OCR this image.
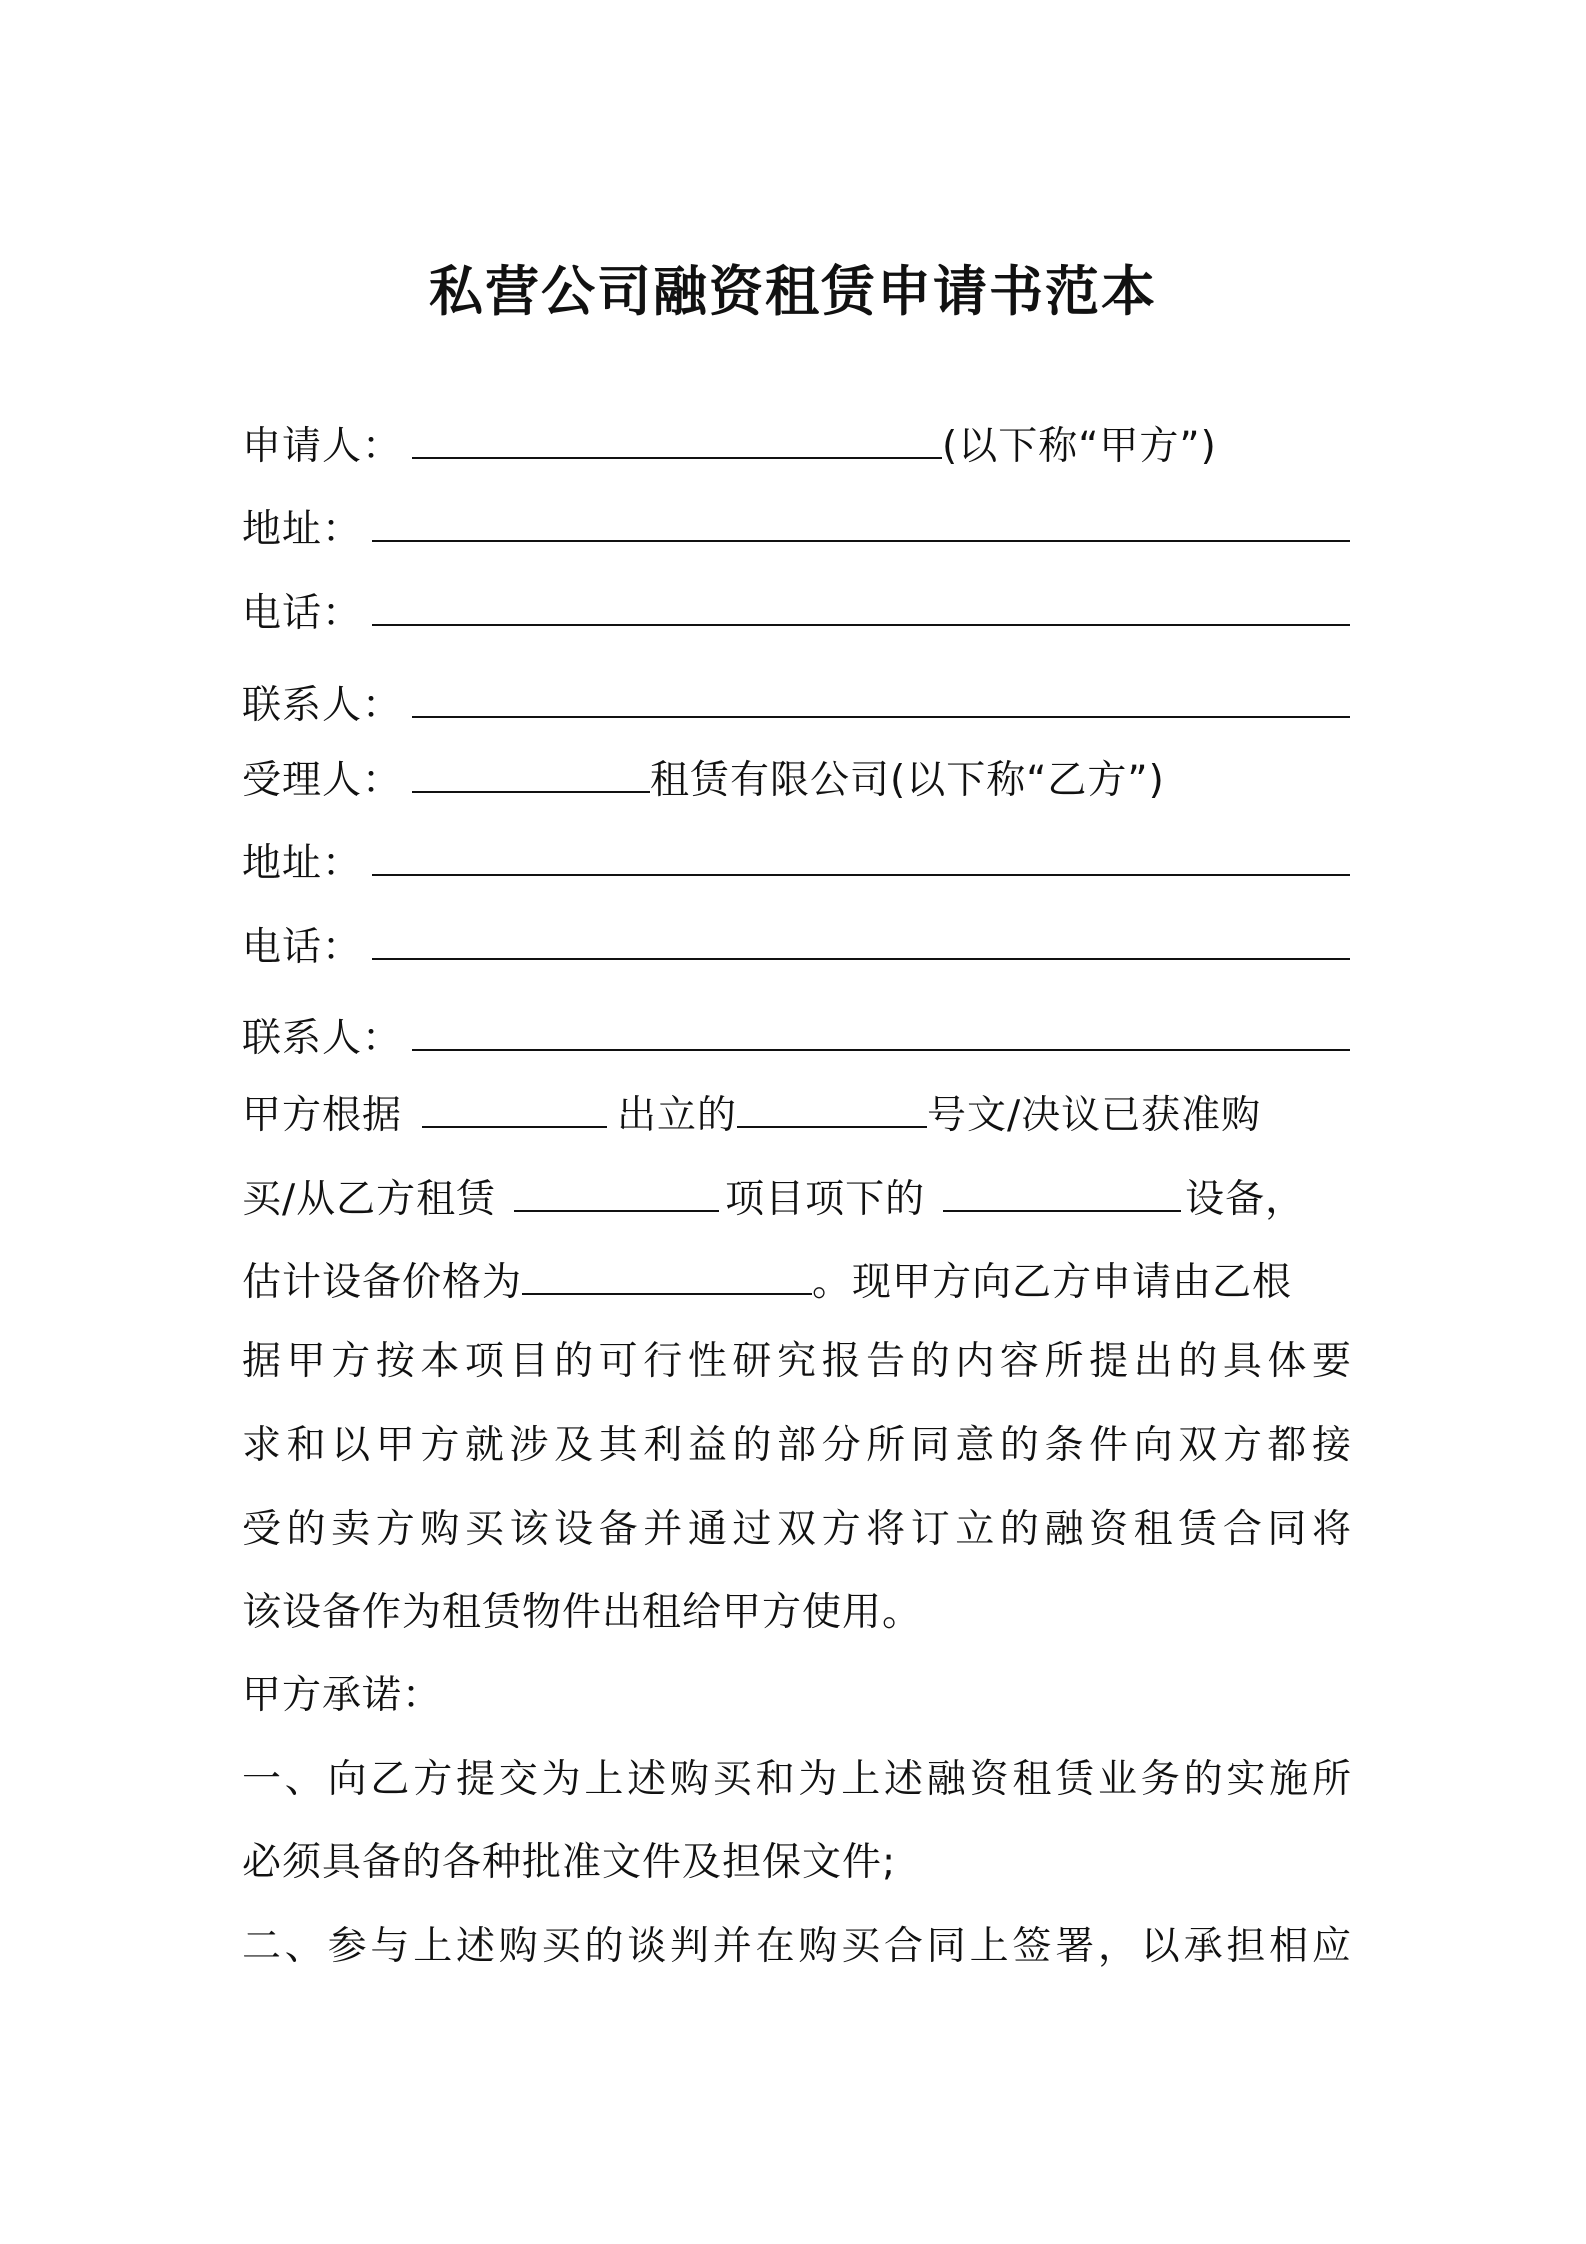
私营公司融资租赁申请书范本
申请人：	(以下称“甲方”)
地址：
电话：
联系人：
受理人：	租赁有限公司(以下称“乙方”)
地址：
电话：
联系人：
甲方根据	出立的	号文/决议已获准购
买/从乙方租赁	项目项下的	设备，
估计设备价格为	。现甲方向乙方申请由乙根
据甲方按本项目的可行性研究报告的内容所提出的具体要
求和以甲方就涉及其利益的部分所同意的条件向双方都接
受的卖方购买该设备并通过双方将订立的融资租赁合同将
该设备作为租赁物件出租给甲方使用。
甲方承诺：
一、向乙方提交为上述购买和为上述融资租赁业务的实施所
必须具备的各种批准文件及担保文件;
二、参与上述购买的谈判并在购买合同上签署，以承担相应
